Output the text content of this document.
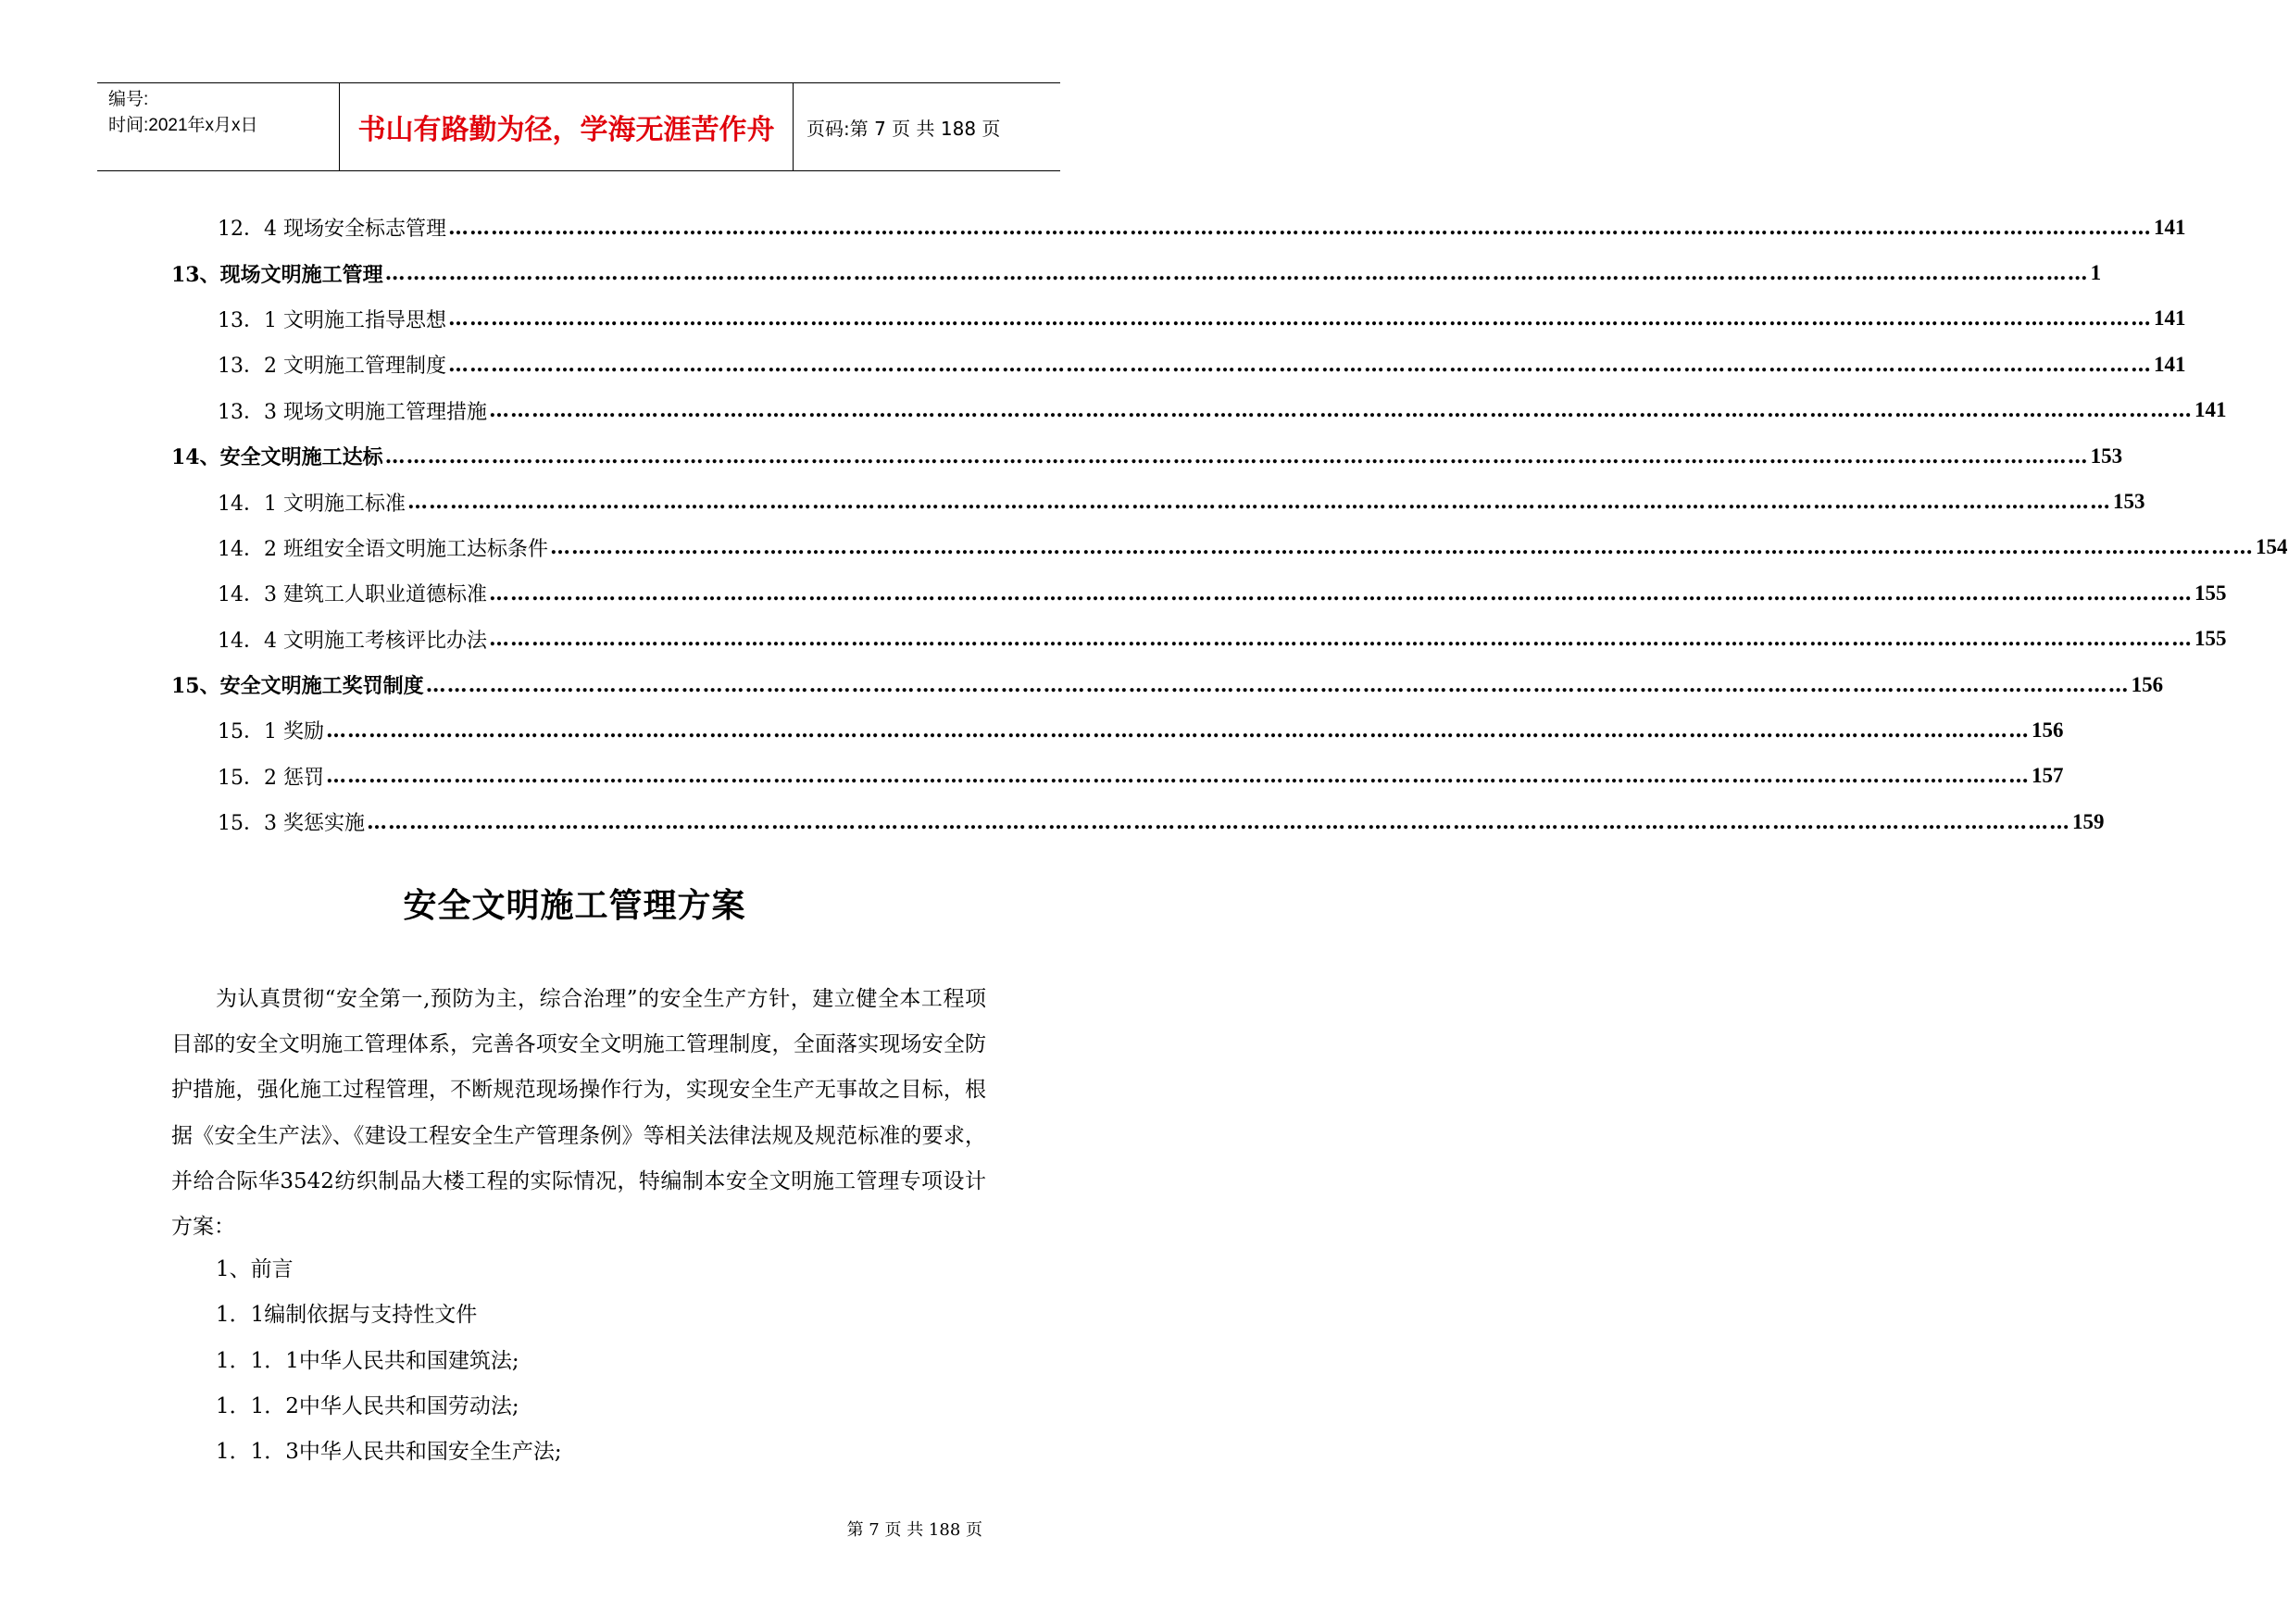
编号:
时间:2021年x月x日	书山有路勤为径，学海无涯苦作舟	页码:第 7 页 共 188 页
12．4 现场安全标志管理 …………………………………………………………………………………………………………………………………………………………………………………………………………………… 141
13、现场文明施工管理 …………………………………………………………………………………………………………………………………………………………………………………………………………………… 1
13．1 文明施工指导思想 …………………………………………………………………………………………………………………………………………………………………………………………………………………… 141
13．2 文明施工管理制度 …………………………………………………………………………………………………………………………………………………………………………………………………………………… 141
13．3 现场文明施工管理措施 …………………………………………………………………………………………………………………………………………………………………………………………………………………… 141
14、安全文明施工达标 …………………………………………………………………………………………………………………………………………………………………………………………………………………… 153
14．1 文明施工标准 …………………………………………………………………………………………………………………………………………………………………………………………………………………… 153
14．2 班组安全语文明施工达标条件 …………………………………………………………………………………………………………………………………………………………………………………………………………………… 154
14．3 建筑工人职业道德标准 …………………………………………………………………………………………………………………………………………………………………………………………………………………… 155
14．4 文明施工考核评比办法 …………………………………………………………………………………………………………………………………………………………………………………………………………………… 155
15、安全文明施工奖罚制度 …………………………………………………………………………………………………………………………………………………………………………………………………………………… 156
15．1 奖励 …………………………………………………………………………………………………………………………………………………………………………………………………………………… 156
15．2 惩罚 …………………………………………………………………………………………………………………………………………………………………………………………………………………… 157
15．3 奖惩实施 …………………………………………………………………………………………………………………………………………………………………………………………………………………… 159
安全文明施工管理方案
为认真贯彻“安全第一,预防为主，综合治理”的安全生产方针，建立健全本工程项目部的安全文明施工管理体系，完善各项安全文明施工管理制度，全面落实现场安全防护措施，强化施工过程管理，不断规范现场操作行为，实现安全生产无事故之目标，根据《安全生产法》、《建设工程安全生产管理条例》等相关法律法规及规范标准的要求，并给合际华3542纺织制品大楼工程的实际情况，特编制本安全文明施工管理专项设计方案：
1、前言
1．1编制依据与支持性文件
1．1．1中华人民共和国建筑法;
1．1．2中华人民共和国劳动法;
1．1．3中华人民共和国安全生产法;
第 7 页 共 188 页
